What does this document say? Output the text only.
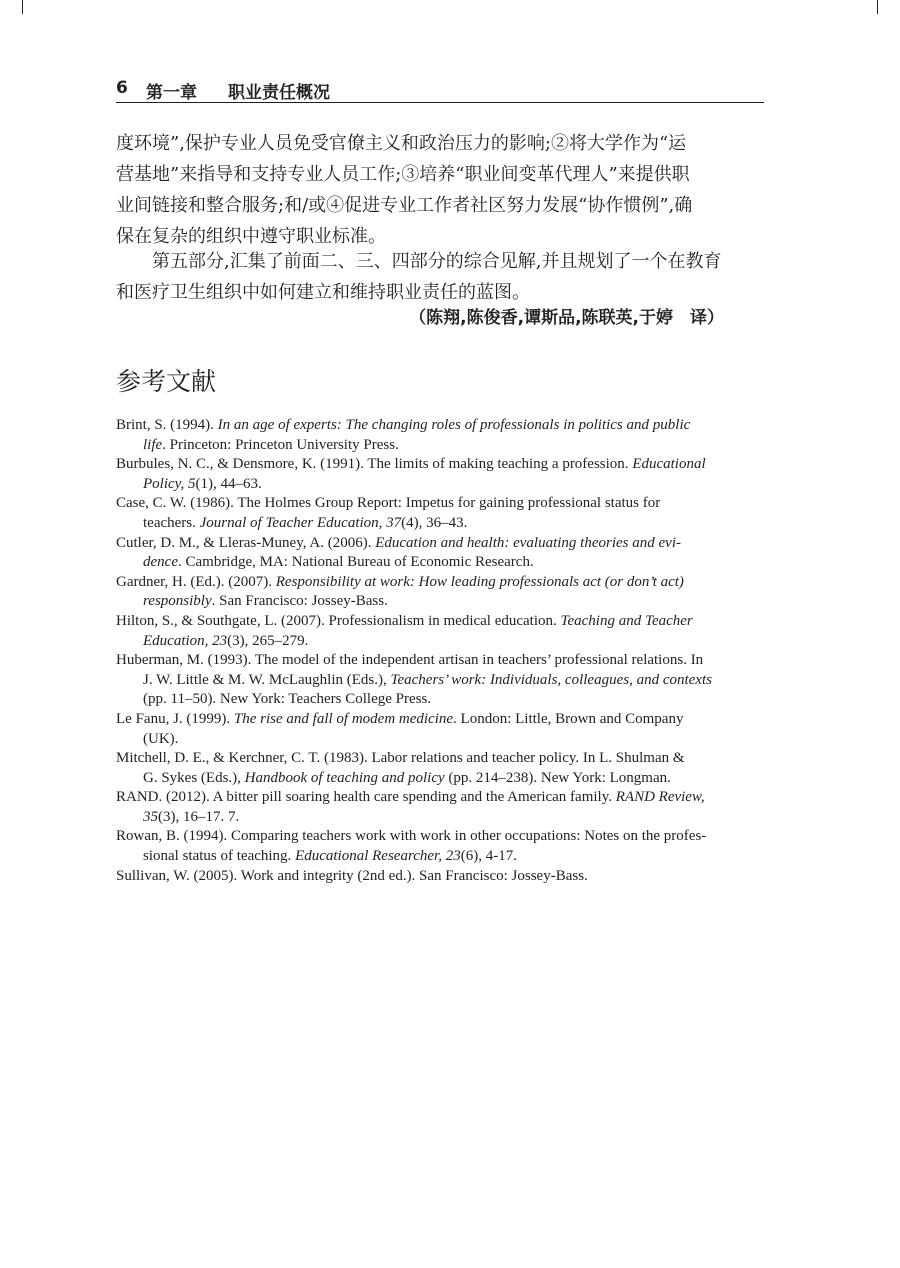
6 第一章 职业责任概况
度环境”,保护专业人员免受官僚主义和政治压力的影响;②将大学作为“运
营基地”来指导和支持专业人员工作;③培养“职业间变革代理人”来提供职
业间链接和整合服务;和/或④促进专业工作者社区努力发展“协作惯例”,确
保在复杂的组织中遵守职业标准。
第五部分,汇集了前面二、三、四部分的综合见解,并且规划了一个在教育
和医疗卫生组织中如何建立和维持职业责任的蓝图。
（陈翔,陈俊香,谭斯品,陈联英,于婷　译）
参考文献
Brint, S. (1994). In an age of experts: The changing roles of professionals in politics and public
life. Princeton: Princeton University Press.
Burbules, N. C., & Densmore, K. (1991). The limits of making teaching a profession. Educational
Policy, 5(1), 44–63.
Case, C. W. (1986). The Holmes Group Report: Impetus for gaining professional status for
teachers. Journal of Teacher Education, 37(4), 36–43.
Cutler, D. M., & Lleras-Muney, A. (2006). Education and health: evaluating theories and evi-
dence. Cambridge, MA: National Bureau of Economic Research.
Gardner, H. (Ed.). (2007). Responsibility at work: How leading professionals act (or don’t act)
responsibly. San Francisco: Jossey-Bass.
Hilton, S., & Southgate, L. (2007). Professionalism in medical education. Teaching and Teacher
Education, 23(3), 265–279.
Huberman, M. (1993). The model of the independent artisan in teachers’ professional relations. In
J. W. Little & M. W. McLaughlin (Eds.), Teachers’ work: Individuals, colleagues, and contexts
(pp. 11–50). New York: Teachers College Press.
Le Fanu, J. (1999). The rise and fall of modem medicine. London: Little, Brown and Company
(UK).
Mitchell, D. E., & Kerchner, C. T. (1983). Labor relations and teacher policy. In L. Shulman &
G. Sykes (Eds.), Handbook of teaching and policy (pp. 214–238). New York: Longman.
RAND. (2012). A bitter pill soaring health care spending and the American family. RAND Review,
35(3), 16–17. 7.
Rowan, B. (1994). Comparing teachers work with work in other occupations: Notes on the profes-
sional status of teaching. Educational Researcher, 23(6), 4-17.
Sullivan, W. (2005). Work and integrity (2nd ed.). San Francisco: Jossey-Bass.
